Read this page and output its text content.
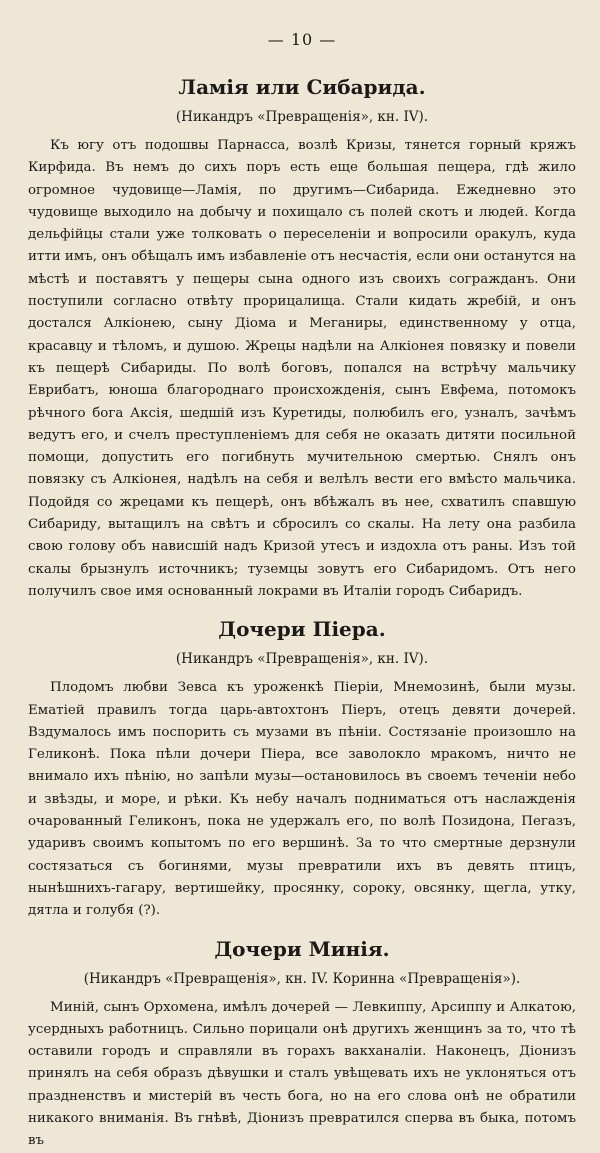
— 10 —
Ламія или Сибарида.
(Никандръ «Превращенія», кн. IV).

Къ югу отъ подошвы Парнасса, возлѣ Кризы, тянется горный кряжъ Кирфида. Въ немъ до сихъ поръ есть еще большая пещера, гдѣ жило огромное чудовище—Ламія, по другимъ—Сибарида. Ежедневно это чудовище выходило на добычу и похищало съ полей скотъ и людей. Когда дельфійцы стали уже толковать о переселеніи и вопросили оракулъ, куда итти имъ, онъ обѣщалъ имъ избавленіе отъ несчастія, если они останутся на мѣстѣ и поставятъ у пещеры сына одного изъ своихъ согражданъ. Они поступили согласно отвѣту прорицалища. Стали кидать жребій, и онъ достался Алкіонею, сыну Діома и Меганиры, единственному у отца, красавцу и тѣломъ, и душою. Жрецы надѣли на Алкіонея повязку и повели къ пещерѣ Сибариды. По волѣ боговъ, попался на встрѣчу мальчику Еврибатъ, юноша благороднаго происхожденія, сынъ Евфема, потомокъ рѣчного бога Аксія, шедшій изъ Куретиды, полюбилъ его, узналъ, зачѣмъ ведутъ его, и счелъ преступленіемъ для себя не оказать дитяти посильной помощи, допустить его погибнуть мучительною смертью. Снялъ онъ повязку съ Алкіонея, надѣлъ на себя и велѣлъ вести его вмѣсто мальчика. Подойдя со жрецами къ пещерѣ, онъ вбѣжалъ въ нее, схватилъ спавшую Сибариду, вытащилъ на свѣтъ и сбросилъ со скалы. На лету она разбила свою голову объ нависшій надъ Кризой утесъ и издохла отъ раны. Изъ той скалы брызнулъ источникъ; туземцы зовутъ его Сибаридомъ. Отъ него получилъ свое имя основанный локрами въ Италіи городъ Сибаридъ.

Дочери Піера.
(Никандръ «Превращенія», кн. IV).

Плодомъ любви Зевса къ уроженкѣ Піеріи, Мнемозинѣ, были музы. Ематіей правилъ тогда царь-автохтонъ Піеръ, отецъ девяти дочерей. Вздумалось имъ поспорить съ музами въ пѣніи. Состязаніе произошло на Геликонѣ. Пока пѣли дочери Піера, все заволокло мракомъ, ничто не внимало ихъ пѣнію, но запѣли музы—остановилось въ своемъ теченіи небо и звѣзды, и море, и рѣки. Къ небу началъ подниматься отъ наслажденія очарованный Геликонъ, пока не удержалъ его, по волѣ Позидона, Пегазъ, ударивъ своимъ копытомъ по его вершинѣ. За то что смертные дерзнули состязаться съ богинями, музы превратили ихъ въ девять птицъ, нынѣшнихъ-гагару, вертишейку, просянку, сороку, овсянку, щегла, утку, дятла и голубя (?).

Дочери Минія.
(Никандръ «Превращенія», кн. IV. Коринна «Превращенія»).

Миній, сынъ Орхомена, имѣлъ дочерей — Левкиппу, Арсиппу и Алкатою, усердныхъ работницъ. Сильно порицали онѣ другихъ женщинъ за то, что тѣ оставили городъ и справляли въ горахъ вакханаліи. Наконецъ, Діонизъ принялъ на себя образъ дѣвушки и сталъ увѣщевать ихъ не уклоняться отъ праздненствъ и мистерій въ честь бога, но на его слова онѣ не обратили никакого вниманія. Въ гнѣвѣ, Діонизъ превратился сперва въ быка, потомъ въ
